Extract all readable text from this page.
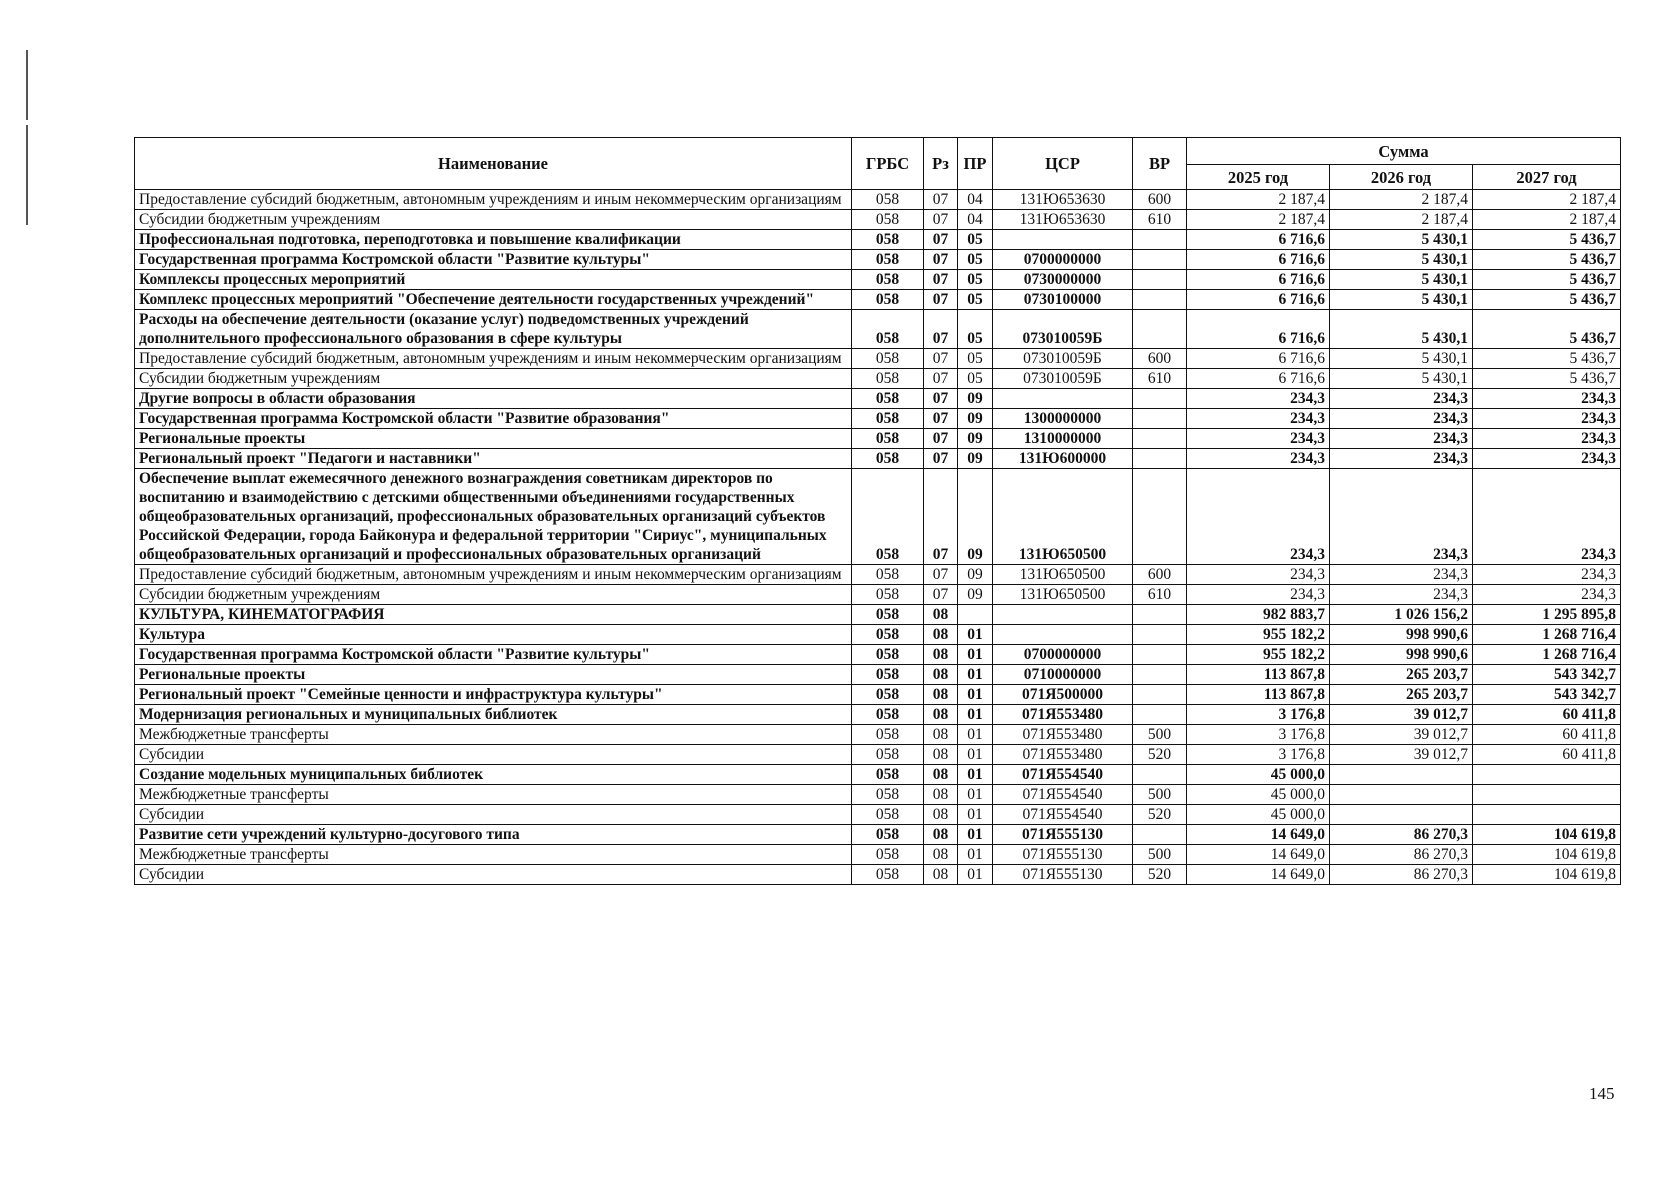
Наименование	ГРБС	Рз	ПР	ЦСР	ВР	Сумма		
						2025 год	2026 год	2027 год
Предоставление субсидий бюджетным, автономным учреждениям и иным некоммерческим организациям	058	07	04	131Ю653630	600	2 187,4	2 187,4	2 187,4
Субсидии бюджетным учреждениям	058	07	04	131Ю653630	610	2 187,4	2 187,4	2 187,4
Профессиональная подготовка, переподготовка и повышение квалификации	058	07	05			6 716,6	5 430,1	5 436,7
Государственная программа Костромской области "Развитие культуры"	058	07	05	0700000000		6 716,6	5 430,1	5 436,7
Комплексы процессных мероприятий	058	07	05	0730000000		6 716,6	5 430,1	5 436,7
Комплекс процессных мероприятий "Обеспечение деятельности государственных учреждений"	058	07	05	0730100000		6 716,6	5 430,1	5 436,7
Расходы на обеспечение деятельности (оказание услуг) подведомственных учреждений дополнительного профессионального образования в сфере культуры	058	07	05	073010059Б		6 716,6	5 430,1	5 436,7
Предоставление субсидий бюджетным, автономным учреждениям и иным некоммерческим организациям	058	07	05	073010059Б	600	6 716,6	5 430,1	5 436,7
Субсидии бюджетным учреждениям	058	07	05	073010059Б	610	6 716,6	5 430,1	5 436,7
Другие вопросы в области образования	058	07	09			234,3	234,3	234,3
Государственная программа Костромской области "Развитие образования"	058	07	09	1300000000		234,3	234,3	234,3
Региональные проекты	058	07	09	1310000000		234,3	234,3	234,3
Региональный проект "Педагоги и наставники"	058	07	09	131Ю600000		234,3	234,3	234,3
Обеспечение выплат ежемесячного денежного вознаграждения советникам директоров по воспитанию и взаимодействию с детскими общественными объединениями государственных общеобразовательных организаций, профессиональных образовательных организаций субъектов Российской Федерации, города Байконура и федеральной территории "Сириус", муниципальных общеобразовательных организаций и профессиональных образовательных организаций	058	07	09	131Ю650500		234,3	234,3	234,3
Предоставление субсидий бюджетным, автономным учреждениям и иным некоммерческим организациям	058	07	09	131Ю650500	600	234,3	234,3	234,3
Субсидии бюджетным учреждениям	058	07	09	131Ю650500	610	234,3	234,3	234,3
КУЛЬТУРА, КИНЕМАТОГРАФИЯ	058	08				982 883,7	1 026 156,2	1 295 895,8
Культура	058	08	01			955 182,2	998 990,6	1 268 716,4
Государственная программа Костромской области "Развитие культуры"	058	08	01	0700000000		955 182,2	998 990,6	1 268 716,4
Региональные проекты	058	08	01	0710000000		113 867,8	265 203,7	543 342,7
Региональный проект "Семейные ценности и инфраструктура культуры"	058	08	01	071Я500000		113 867,8	265 203,7	543 342,7
Модернизация региональных и муниципальных библиотек	058	08	01	071Я553480		3 176,8	39 012,7	60 411,8
Межбюджетные трансферты	058	08	01	071Я553480	500	3 176,8	39 012,7	60 411,8
Субсидии	058	08	01	071Я553480	520	3 176,8	39 012,7	60 411,8
Создание модельных муниципальных библиотек	058	08	01	071Я554540		45 000,0		
Межбюджетные трансферты	058	08	01	071Я554540	500	45 000,0		
Субсидии	058	08	01	071Я554540	520	45 000,0		
Развитие сети учреждений культурно-досугового типа	058	08	01	071Я555130		14 649,0	86 270,3	104 619,8
Межбюджетные трансферты	058	08	01	071Я555130	500	14 649,0	86 270,3	104 619,8
Субсидии	058	08	01	071Я555130	520	14 649,0	86 270,3	104 619,8
145
